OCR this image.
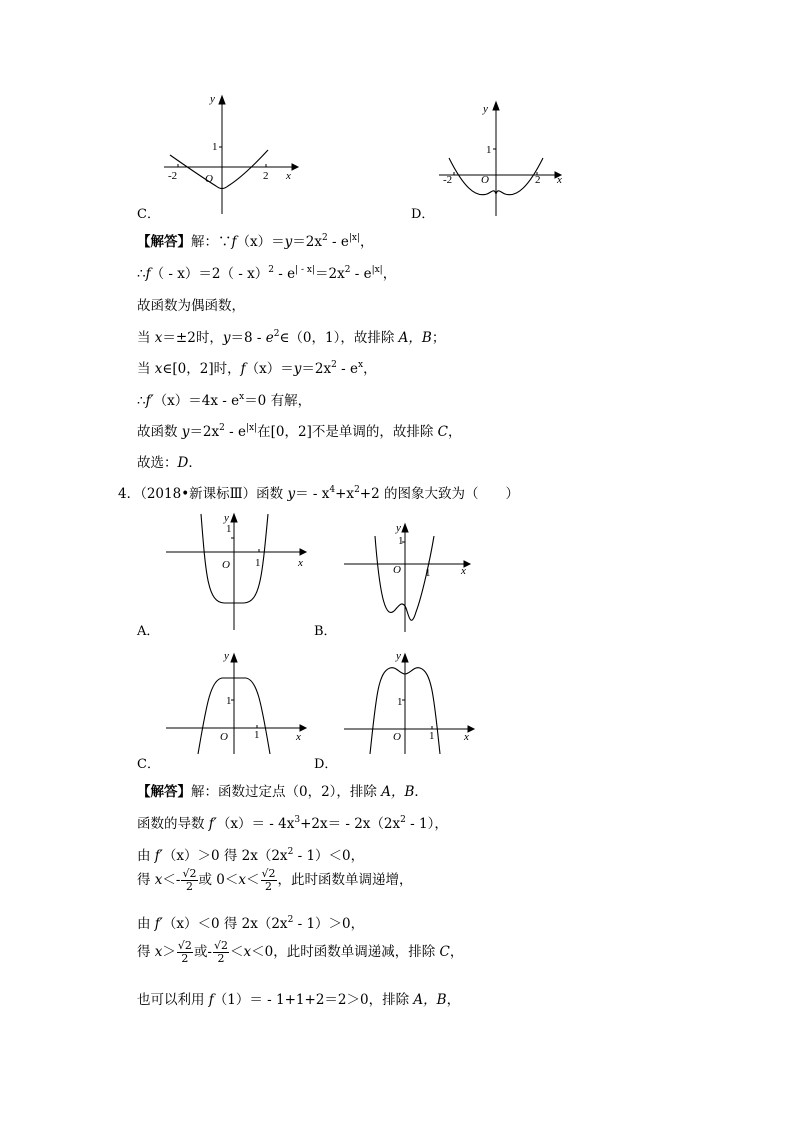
y
1
-2	O	2 x
C．
y
1
-2	O	2 x
D．
【解答】解：$\because f(x)=y=2x^2 - e^{|x|}$，
∴f（ - $x)=2( - x)^2 - e^{| - x|}=2x^2 - e^{|x|}$，
故函数为偶函数，
当 x＝±2时，$y=8 - e^2\in(0$，1），故排除 A，B；
当 x∈[0，2]时，$f(x)=y=2x^2 - e^x$，
∴f′（x）＝4x - $e^x=0$ 有解，
故函数 $y=2x^2 - e^{|x|}$在[0，2]不是单调的，故排除 C，
故选：D．
4．（2018•新课标Ⅲ）函数 $y= - x^4+x^2+2$ 的图象大致为（　　）
y
1
O 1	x
A．
y
1
O 1	x
B．
y
1
O 1	x
C．
y
1
O	1	x
D．
【解答】解：函数过定点（0，2），排除 A，B．
函数的导数 $f'(x)= - 4x^3+2x= - 2x(2x^2 - 1)$，
由 f′（x）＞0 得 $2x(2x^2 - 1)<0$，
得 $x<- \frac{√2}{2}$ 或 $0<x< \frac{√2}{2}$ ，此时函数单调递增，
由 f′（x）＜0 得 $2x(2x^2 - 1)>0$，
得 $x> \frac{√2}{2}$ 或- $\frac{√2}{2} <x<0$，此时函数单调递减，排除 C，
也可以利用 f（1）＝ - 1+1+2＝2＞0，排除 A，B，
